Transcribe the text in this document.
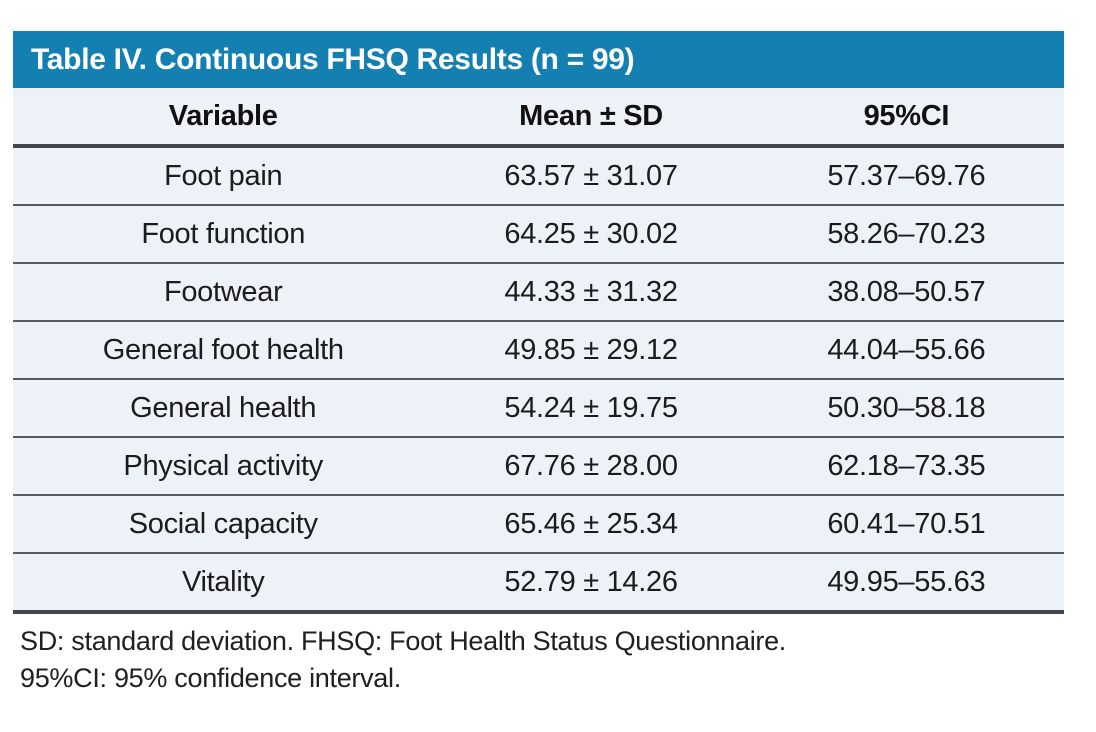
Table IV. Continuous FHSQ Results (n = 99)
Variable	Mean ± SD	95%CI
Foot pain	63.57 ± 31.07	57.37–69.76
Foot function	64.25 ± 30.02	58.26–70.23
Footwear	44.33 ± 31.32	38.08–50.57
General foot health	49.85 ± 29.12	44.04–55.66
General health	54.24 ± 19.75	50.30–58.18
Physical activity	67.76 ± 28.00	62.18–73.35
Social capacity	65.46 ± 25.34	60.41–70.51
Vitality	52.79 ± 14.26	49.95–55.63
SD: standard deviation. FHSQ: Foot Health Status Questionnaire.
95%CI: 95% confidence interval.
